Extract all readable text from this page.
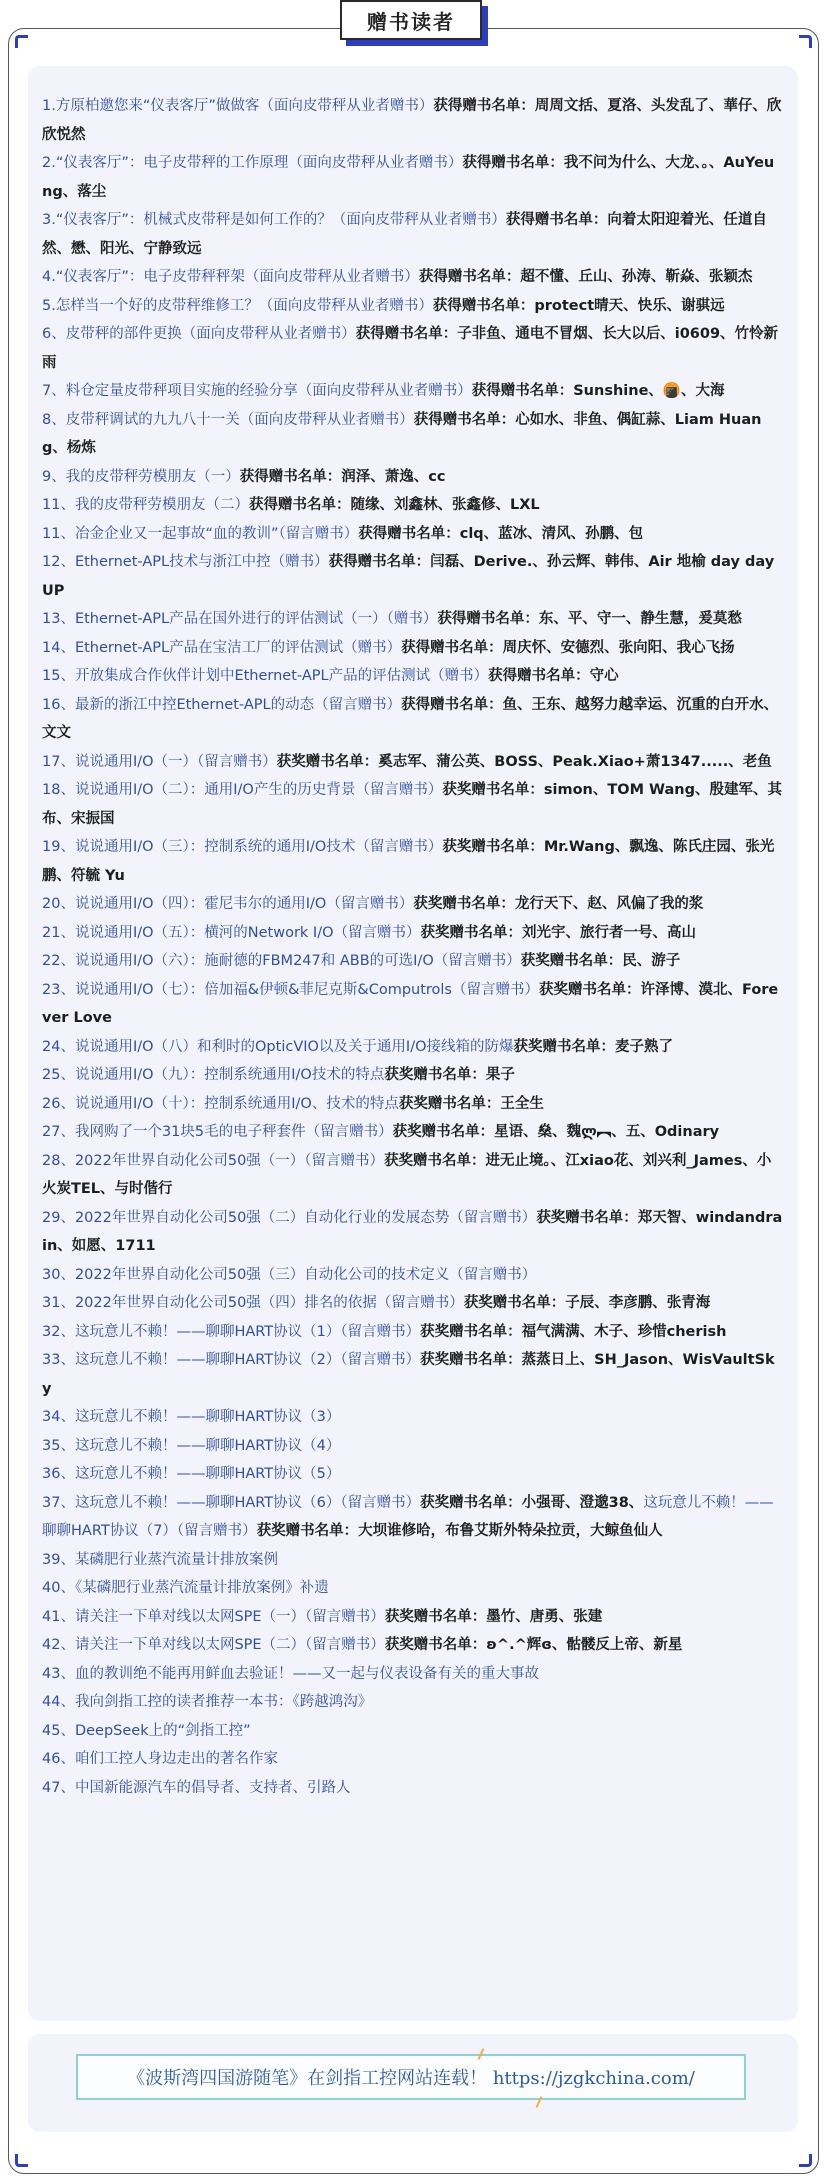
赠书读者
1.方原柏邀您来“仪表客厅”做做客（面向皮带秤从业者赠书）获得赠书名单：周周文括、夏洛、头发乱了、華仔、欣欣悦然
2.“仪表客厅”：电子皮带秤的工作原理（面向皮带秤从业者赠书）获得赠书名单：我不问为什么、大龙、。、AuYeung、落尘
3.“仪表客厅”：机械式皮带秤是如何工作的？（面向皮带秤从业者赠书）获得赠书名单：向着太阳迎着光、任道自然、懋、阳光、宁静致远
4.“仪表客厅”：电子皮带秤秤架（面向皮带秤从业者赠书）获得赠书名单：超不懂、丘山、孙涛、靳焱、张颖杰
5.怎样当一个好的皮带秤维修工？（面向皮带秤从业者赠书）获得赠书名单：protect晴天、快乐、谢骐远
6、皮带秤的部件更换（面向皮带秤从业者赠书）获得赠书名单：子非鱼、通电不冒烟、长大以后、i0609、竹怜新雨
7、料仓定量皮带秤项目实施的经验分享（面向皮带秤从业者赠书）获得赠书名单：Sunshine、🍘、大海
8、皮带秤调试的九九八十一关（面向皮带秤从业者赠书）获得赠书名单：心如水、非鱼、偶缸蒜、Liam Huang、杨炼
9、我的皮带秤劳模朋友（一）获得赠书名单：润泽、萧逸、cc
11、我的皮带秤劳模朋友（二）获得赠书名单：随缘、刘鑫林、张鑫修、LXL
11、冶金企业又一起事故“血的教训”（留言赠书）获得赠书名单：clq、蓝冰、清风、孙鹏、包
12、Ethernet-APL技术与浙江中控（赠书）获得赠书名单：闫磊、Derive.、孙云辉、韩伟、Air 地榆 day day UP
13、Ethernet-APL产品在国外进行的评估测试（一）（赠书）获得赠书名单：东、平、守一、静生慧，爰莫愁
14、Ethernet-APL产品在宝洁工厂的评估测试（赠书）获得赠书名单：周庆怀、安德烈、张向阳、我心飞扬
15、开放集成合作伙伴计划中Ethernet-APL产品的评估测试（赠书）获得赠书名单：守心
16、最新的浙江中控Ethernet-APL的动态（留言赠书）获得赠书名单：鱼、王东、越努力越幸运、沉重的白开水、文文
17、说说通用I/O（一）（留言赠书）获奖赠书名单：奚志军、蒲公英、BOSS、Peak.Xiao+萧1347.....、老鱼
18、说说通用I/O（二）：通用I/O产生的历史背景（留言赠书）获奖赠书名单：simon、TOM Wang、殷建军、其布、宋振国
19、说说通用I/O（三）：控制系统的通用I/O技术（留言赠书）获奖赠书名单：Mr.Wang、飘逸、陈氏庄园、张光鹏、符毓 Yu
20、说说通用I/O（四）：霍尼韦尔的通用I/O（留言赠书）获奖赠书名单：龙行天下、赵、风偏了我的浆
21、说说通用I/O（五）：横河的Network I/O（留言赠书）获奖赠书名单：刘光宇、旅行者一号、高山
22、说说通用I/O（六）：施耐德的FBM247和 ABB的可选I/O（留言赠书）获奖赠书名单：民、游子
23、说说通用I/O（七）：倍加福&伊顿&菲尼克斯&Computrols（留言赠书）获奖赠书名单：许泽博、漠北、Forever Love
24、说说通用I/O（八）和利时的OpticVIO以及关于通用I/O接线箱的防爆获奖赠书名单：麦子熟了
25、说说通用I/O（九）：控制系统通用I/O技术的特点获奖赠书名单：果子
26、说说通用I/O（十）：控制系统通用I/O、技术的特点获奖赠书名单：王全生
27、我网购了一个31块5毛的电子秤套件（留言赠书）获奖赠书名单：星语、燊、魏ლ︻、五、Odinary
28、2022年世界自动化公司50强（一）（留言赠书）获奖赠书名单：进无止境。、江xiao花、刘兴利_James、小火炭TEL、与时偕行
29、2022年世界自动化公司50强（二）自动化行业的发展态势（留言赠书）获奖赠书名单：郑天智、windandrain、如愿、1711
30、2022年世界自动化公司50强（三）自动化公司的技术定义（留言赠书）
31、2022年世界自动化公司50强（四）排名的依据（留言赠书）获奖赠书名单：子辰、李彦鹏、张青海
32、这玩意儿不赖！——聊聊HART协议（1）（留言赠书）获奖赠书名单：福气满满、木子、珍惜cherish
33、这玩意儿不赖！——聊聊HART协议（2）（留言赠书）获奖赠书名单：蒸蒸日上、SH_Jason、WisVaultSky
34、这玩意儿不赖！——聊聊HART协议（3）
35、这玩意儿不赖！——聊聊HART协议（4）
36、这玩意儿不赖！——聊聊HART协议（5）
37、这玩意儿不赖！——聊聊HART协议（6）（留言赠书）获奖赠书名单：小强哥、澄邈38、这玩意儿不赖！——聊聊HART协议（7）（留言赠书）获奖赠书名单：大坝谁修哈，布鲁艾斯外特朵拉贡，大鲸鱼仙人
39、某磷肥行业蒸汽流量计排放案例
40、《某磷肥行业蒸汽流量计排放案例》补遗
41、请关注一下单对线以太网SPE（一）（留言赠书）获奖赠书名单：墨竹、唐勇、张建
42、请关注一下单对线以太网SPE（二）（留言赠书）获奖赠书名单：ʚ^.^辉ɞ、骷髅反上帝、新星
43、血的教训绝不能再用鲜血去验证！——又一起与仪表设备有关的重大事故
44、我向剑指工控的读者推荐一本书：《跨越鸿沟》
45、DeepSeek上的“剑指工控”
46、咱们工控人身边走出的著名作家
47、中国新能源汽车的倡导者、支持者、引路人
《波斯湾四国游随笔》在剑指工控网站连载！ https://jzgkchina.com/
